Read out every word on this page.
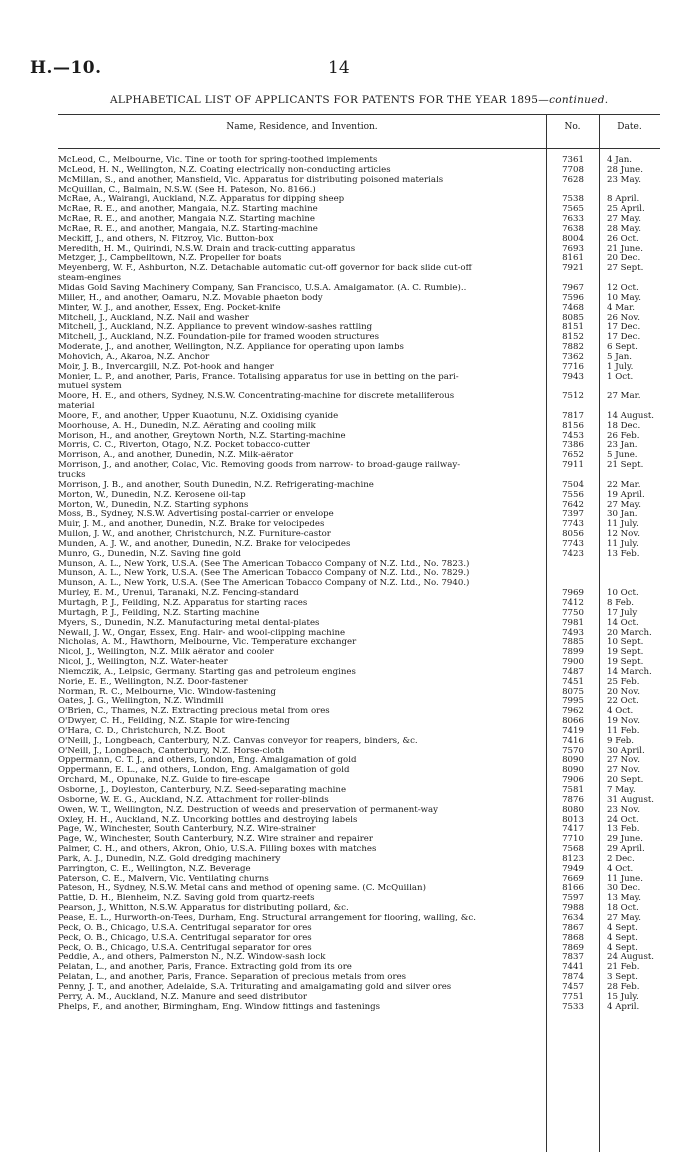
H.—10.	14
ALPHABETICAL LIST OF APPLICANTS FOR PATENTS FOR THE YEAR 1895—continued.
Name, Residence, and Invention.	No.	Date.
McLeod, C., Melbourne, Vic. Tine or tooth for spring-toothed implements	7361	4 Jan.
McLeod, H. N., Wellington, N.Z. Coating electrically non-conducting articles	7708	28 June.
McMillan, S., and another, Mansfield, Vic. Apparatus for distributing poisoned materials	7628	23 May.
McQuillan, C., Balmain, N.S.W. (See H. Pateson, No. 8166.)
McRae, A., Wairangi, Auckland, N.Z. Apparatus for dipping sheep	7538	8 April.
McRae, R. E., and another, Mangaia, N.Z. Starting machine	7565	25 April.
McRae, R. E., and another, Mangaia N.Z. Starting machine	7633	27 May.
McRae, R. E., and another, Mangaia, N.Z. Starting-machine	7638	28 May.
Meckiff, J., and others, N. Fitzroy, Vic. Button-box	8004	26 Oct.
Meredith, H. M., Quirindi, N.S.W. Drain and track-cutting apparatus	7693	21 June.
Metzger, J., Campbelltown, N.Z. Propeller for boats	8161	20 Dec.
Meyenberg, W. F., Ashburton, N.Z. Detachable automatic cut-off governor for back slide cut-off	7921	27 Sept.
steam-engines
Midas Gold Saving Machinery Company, San Francisco, U.S.A. Amalgamator. (A. C. Rumble)..	7967	12 Oct.
Miller, H., and another, Oamaru, N.Z. Movable phaeton body	7596	10 May.
Minter, W. J., and another, Essex, Eng. Pocket-knife	7468	4 Mar.
Mitchell, J., Auckland, N.Z. Nail and washer	8085	26 Nov.
Mitchell, J., Auckland, N.Z. Appliance to prevent window-sashes rattling	8151	17 Dec.
Mitchell, J., Auckland, N.Z. Foundation-pile for framed wooden structures	8152	17 Dec.
Moderate, J., and another, Wellington, N.Z. Appliance for operating upon lambs	7882	6 Sept.
Mohovich, A., Akaroa, N.Z. Anchor	7362	5 Jan.
Moir, J. B., Invercargill, N.Z. Pot-hook and hanger	7716	1 July.
Monier, L. P., and another, Paris, France. Totalising apparatus for use in betting on the pari-	7943	1 Oct.
mutuel system
Moore, H. E., and others, Sydney, N.S.W. Concentrating-machine for discrete metalliferous	7512	27 Mar.
material
Moore, F., and another, Upper Kuaotunu, N.Z. Oxidising cyanide	7817	14 August.
Moorhouse, A. H., Dunedin, N.Z. Aërating and cooling milk	8156	18 Dec.
Morison, H., and another, Greytown North, N.Z. Starting-machine	7453	26 Feb.
Morris, C. C., Riverton, Otago, N.Z. Pocket tobacco-cutter	7386	23 Jan.
Morrison, A., and another, Dunedin, N.Z. Milk-aërator	7652	5 June.
Morrison, J., and another, Colac, Vic. Removing goods from narrow- to broad-gauge railway-	7911	21 Sept.
trucks
Morrison, J. B., and another, South Dunedin, N.Z. Refrigerating-machine	7504	22 Mar.
Morton, W., Dunedin, N.Z. Kerosene oil-tap	7556	19 April.
Morton, W., Dunedin, N.Z. Starting syphons	7642	27 May.
Moss, B., Sydney, N.S.W. Advertising postal-carrier or envelope	7397	30 Jan.
Muir, J. M., and another, Dunedin, N.Z. Brake for velocipedes	7743	11 July.
Mullon, J. W., and another, Christchurch, N.Z. Furniture-castor	8056	12 Nov.
Munden, A. J. W., and another, Dunedin, N.Z. Brake for velocipedes	7743	11 July.
Munro, G., Dunedin, N.Z. Saving fine gold	7423	13 Feb.
Munson, A. L., New York, U.S.A. (See The American Tobacco Company of N.Z. Ltd., No. 7823.)
Munson, A. L., New York, U.S.A. (See The American Tobacco Company of N.Z. Ltd., No. 7829.)
Munson, A. L., New York, U.S.A. (See The American Tobacco Company of N.Z. Ltd., No. 7940.)
Murley, E. M., Urenui, Taranaki, N.Z. Fencing-standard	7969	10 Oct.
Murtagh, P. J., Feilding, N.Z. Apparatus for starting races	7412	8 Feb.
Murtagh, P. J., Feilding, N.Z. Starting machine	7750	17 July
Myers, S., Dunedin, N.Z. Manufacturing metal dental-plates	7981	14 Oct.
Newall, J. W., Ongar, Essex, Eng. Hair- and wool-clipping machine	7493	20 March.
Nicholas, A. M., Hawthorn, Melbourne, Vic. Temperature exchanger	7885	10 Sept.
Nicol, J., Wellington, N.Z. Milk aërator and cooler	7899	19 Sept.
Nicol, J., Wellington, N.Z. Water-heater	7900	19 Sept.
Niemczik, A., Leipsic, Germany. Starting gas and petroleum engines	7487	14 March.
Norie, E. E., Wellington, N.Z. Door-fastener	7451	25 Feb.
Norman, R. C., Melbourne, Vic. Window-fastening	8075	20 Nov.
Oates, J. G., Wellington, N.Z. Windmill	7995	22 Oct.
O'Brien, C., Thames, N.Z. Extracting precious metal from ores	7962	4 Oct.
O'Dwyer, C. H., Feilding, N.Z. Staple for wire-fencing	8066	19 Nov.
O'Hara, C. D., Christchurch, N.Z. Boot	7419	11 Feb.
O'Neill, J., Longbeach, Canterbury, N.Z. Canvas conveyor for reapers, binders, &c.	7416	9 Feb.
O'Neill, J., Longbeach, Canterbury, N.Z. Horse-cloth	7570	30 April.
Oppermann, C. T. J., and others, London, Eng. Amalgamation of gold	8090	27 Nov.
Oppermann, E. L., and others, London, Eng. Amalgamation of gold	8090	27 Nov.
Orchard, M., Opunake, N.Z. Guide to fire-escape	7906	20 Sept.
Osborne, J., Doyleston, Canterbury, N.Z. Seed-separating machine	7581	7 May.
Osborne, W. E. G., Auckland, N.Z. Attachment for roller-blinds	7876	31 August.
Owen, W. T., Wellington, N.Z. Destruction of weeds and preservation of permanent-way	8080	23 Nov.
Oxley, H. H., Auckland, N.Z. Uncorking bottles and destroying labels	8013	24 Oct.
Page, W., Winchester, South Canterbury, N.Z. Wire-strainer	7417	13 Feb.
Page, W., Winchester, South Canterbury, N.Z. Wire strainer and repairer	7710	29 June.
Palmer, C. H., and others, Akron, Ohio, U.S.A. Filling boxes with matches	7568	29 April.
Park, A. J., Dunedin, N.Z. Gold dredging machinery	8123	2 Dec.
Parrington, C. E., Wellington, N.Z. Beverage	7949	4 Oct.
Paterson, C. E., Malvern, Vic. Ventilating churns	7669	11 June.
Pateson, H., Sydney, N.S.W. Metal cans and method of opening same. (C. McQuillan)	8166	30 Dec.
Pattie, D. H., Blenheim, N.Z. Saving gold from quartz-reefs	7597	13 May.
Pearson, J., Whitton, N.S.W. Apparatus for distributing pollard, &c.	7988	18 Oct.
Pease, E. L., Hurworth-on-Tees, Durham, Eng. Structural arrangement for flooring, walling, &c.	7634	27 May.
Peck, O. B., Chicago, U.S.A. Centrifugal separator for ores	7867	4 Sept.
Peck, O. B., Chicago, U.S.A. Centrifugal separator for ores	7868	4 Sept.
Peck, O. B., Chicago, U.S.A. Centrifugal separator for ores	7869	4 Sept.
Peddie, A., and others, Palmerston N., N.Z. Window-sash lock	7837	24 August.
Pelatan, L., and another, Paris, France. Extracting gold from its ore	7441	21 Feb.
Pelatan, L., and another, Paris, France. Separation of precious metals from ores	7874	3 Sept.
Penny, J. T., and another, Adelaide, S.A. Triturating and amalgamating gold and silver ores	7457	28 Feb.
Perry, A. M., Auckland, N.Z. Manure and seed distributor	7751	15 July.
Phelps, F., and another, Birmingham, Eng. Window fittings and fastenings	7533	4 April.
